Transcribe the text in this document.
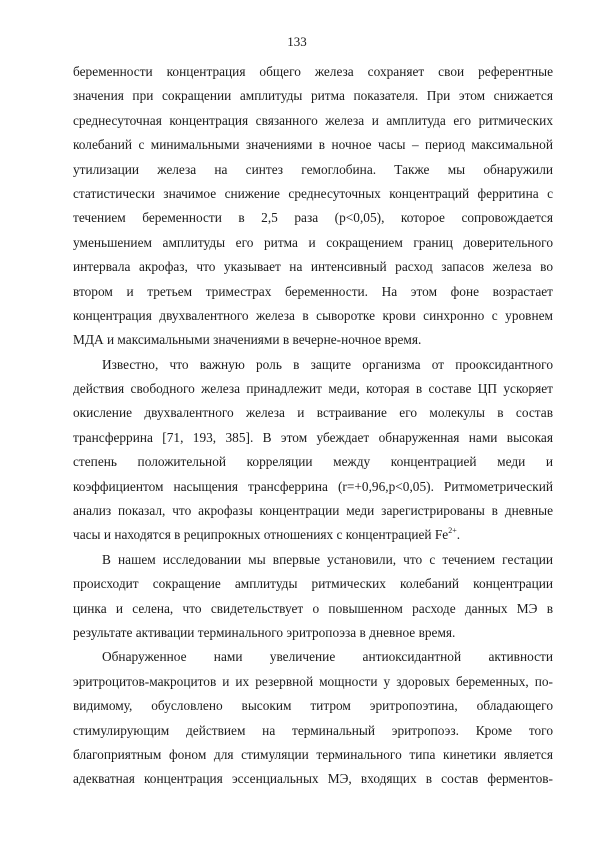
133
беременности концентрация общего железа сохраняет свои референтные
значения при сокращении амплитуды ритма показателя. При этом снижается
среднесуточная концентрация связанного железа и амплитуда его ритмических
колебаний с минимальными значениями в ночное часы – период максимальной
утилизации железа на синтез гемоглобина. Также мы обнаружили
статистически значимое снижение среднесуточных концентраций ферритина с
течением беременности в 2,5 раза (p<0,05), которое сопровождается
уменьшением амплитуды его ритма и сокращением границ доверительного
интервала акрофаз, что указывает на интенсивный расход запасов железа во
втором и третьем триместрах беременности. На этом фоне возрастает
концентрация двухвалентного железа в сыворотке крови синхронно с уровнем
МДА и максимальными значениями в вечерне-ночное время.
Известно, что важную роль в защите организма от прооксидантного
действия свободного железа принадлежит меди, которая в составе ЦП ускоряет
окисление двухвалентного железа и встраивание его молекулы в состав
трансферрина [71, 193, 385]. В этом убеждает обнаруженная нами высокая
степень положительной корреляции между концентрацией меди и
коэффициентом насыщения трансферрина (r=+0,96,p<0,05). Ритмометрический
анализ показал, что акрофазы концентрации меди зарегистрированы в дневные
часы и находятся в реципрокных отношениях с концентрацией $Fe^{2+}$.
В нашем исследовании мы впервые установили, что с течением гестации
происходит сокращение амплитуды ритмических колебаний концентрации
цинка и селена, что свидетельствует о повышенном расходе данных МЭ в
результате активации терминального эритропоэза в дневное время.
Обнаруженное нами увеличение антиоксидантной активности
эритроцитов-макроцитов и их резервной мощности у здоровых беременных, по-
видимому, обусловлено высоким титром эритропоэтина, обладающего
стимулирующим действием на терминальный эритропоэз. Кроме того
благоприятным фоном для стимуляции терминального типа кинетики является
адекватная концентрация эссенциальных МЭ, входящих в состав ферментов-
